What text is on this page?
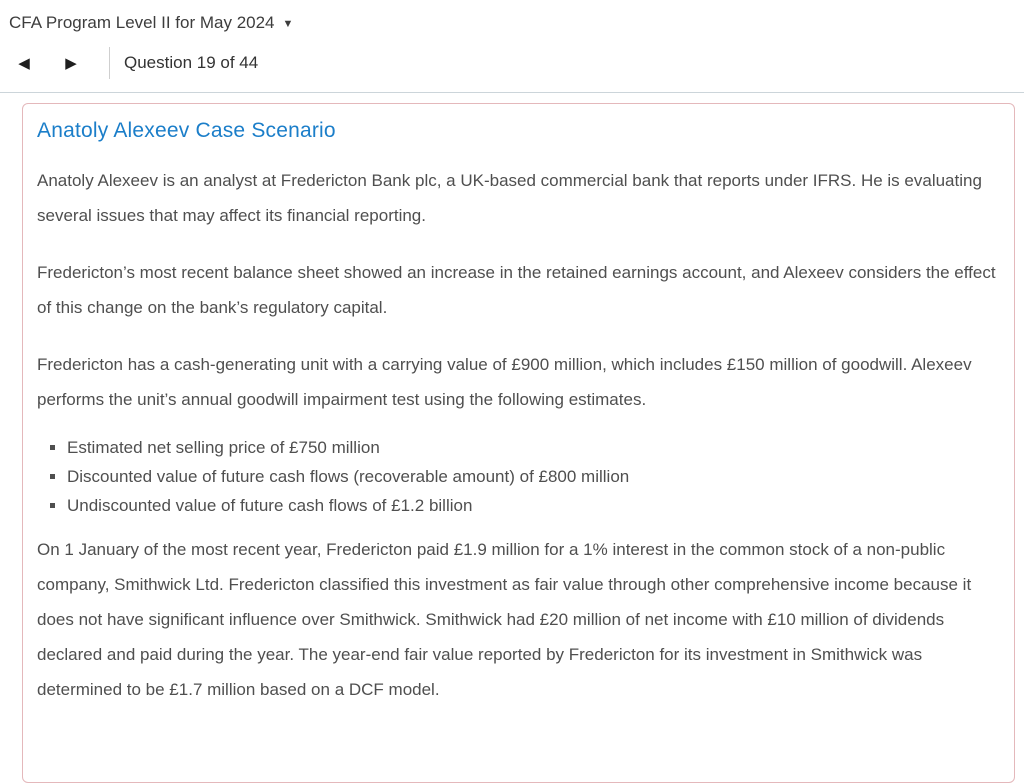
CFA Program Level II for May 2024 ▼
◀	▶	Question 19 of 44
Anatoly Alexeev Case Scenario

Anatoly Alexeev is an analyst at Fredericton Bank plc, a UK-based commercial bank that reports under IFRS. He is evaluating several issues that may affect its financial reporting.

Fredericton’s most recent balance sheet showed an increase in the retained earnings account, and Alexeev considers the effect of this change on the bank’s regulatory capital.

Fredericton has a cash-generating unit with a carrying value of £900 million, which includes £150 million of goodwill. Alexeev performs the unit’s annual goodwill impairment test using the following estimates.

Estimated net selling price of £750 million
Discounted value of future cash flows (recoverable amount) of £800 million
Undiscounted value of future cash flows of £1.2 billion

On 1 January of the most recent year, Fredericton paid £1.9 million for a 1% interest in the common stock of a non-public company, Smithwick Ltd. Fredericton classified this investment as fair value through other comprehensive income because it does not have significant influence over Smithwick. Smithwick had £20 million of net income with £10 million of dividends declared and paid during the year. The year-end fair value reported by Fredericton for its investment in Smithwick was determined to be £1.7 million based on a DCF model.
